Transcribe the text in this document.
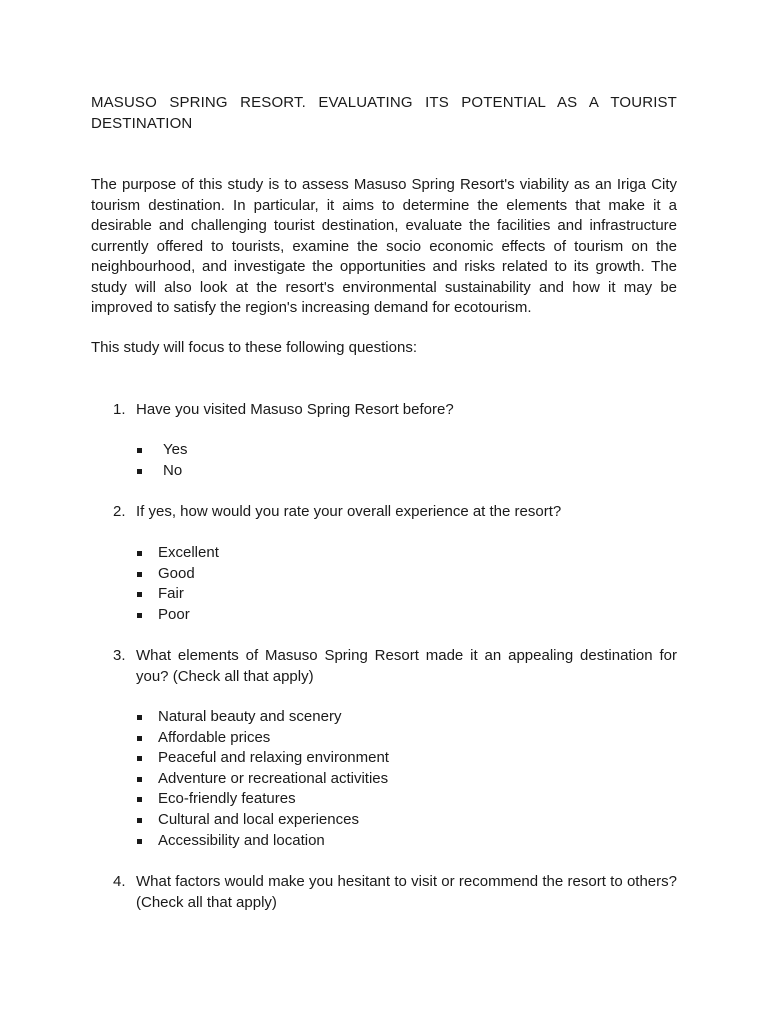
MASUSO SPRING RESORT. EVALUATING ITS POTENTIAL AS A TOURIST
DESTINATION
The purpose of this study is to assess Masuso Spring Resort's viability as an Iriga City tourism destination. In particular, it aims to determine the elements that make it a desirable and challenging tourist destination, evaluate the facilities and infrastructure currently offered to tourists, examine the socio economic effects of tourism on the neighbourhood, and investigate the opportunities and risks related to its growth. The study will also look at the resort's environmental sustainability and how it may be improved to satisfy the region's increasing demand for ecotourism.
This study will focus to these following questions:
1. Have you visited Masuso Spring Resort before?
Yes
No
2. If yes, how would you rate your overall experience at the resort?
Excellent
Good
Fair
Poor
3. What elements of Masuso Spring Resort made it an appealing destination for you? (Check all that apply)
Natural beauty and scenery
Affordable prices
Peaceful and relaxing environment
Adventure or recreational activities
Eco-friendly features
Cultural and local experiences
Accessibility and location
4. What factors would make you hesitant to visit or recommend the resort to others? (Check all that apply)
